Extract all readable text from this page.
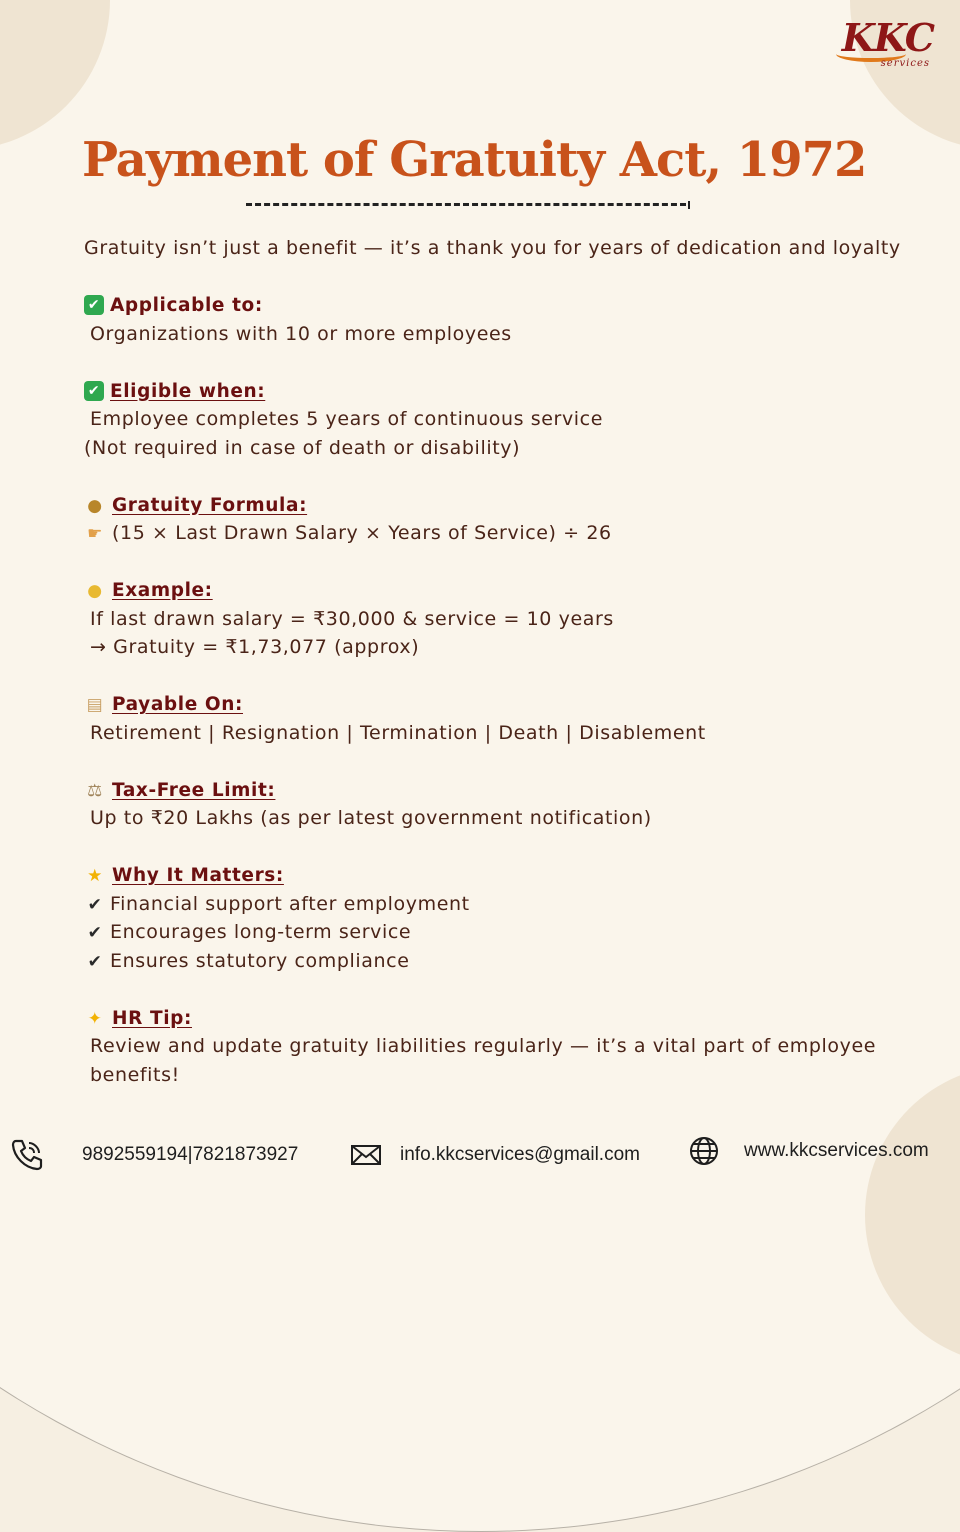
KKC
services
Payment of Gratuity Act, 1972
Gratuity isn’t just a benefit — it’s a thank you for years of dedication and loyalty
✔ Applicable to:
Organizations with 10 or more employees
✔ Eligible when:
Employee completes 5 years of continuous service
(Not required in case of death or disability)
● Gratuity Formula:
☛ (15 × Last Drawn Salary × Years of Service) ÷ 26
● Example:
If last drawn salary = ₹30,000 & service = 10 years
→ Gratuity = ₹1,73,077 (approx)
▤ Payable On:
Retirement | Resignation | Termination | Death | Disablement
⚖ Tax-Free Limit:
Up to ₹20 Lakhs (as per latest government notification)
★ Why It Matters:
✔ Financial support after employment
✔ Encourages long-term service
✔ Ensures statutory compliance
✦ HR Tip:
Review and update gratuity liabilities regularly — it’s a vital part of employee benefits!
9892559194|7821873927	info.kkcservices@gmail.com	www.kkcservices.com
